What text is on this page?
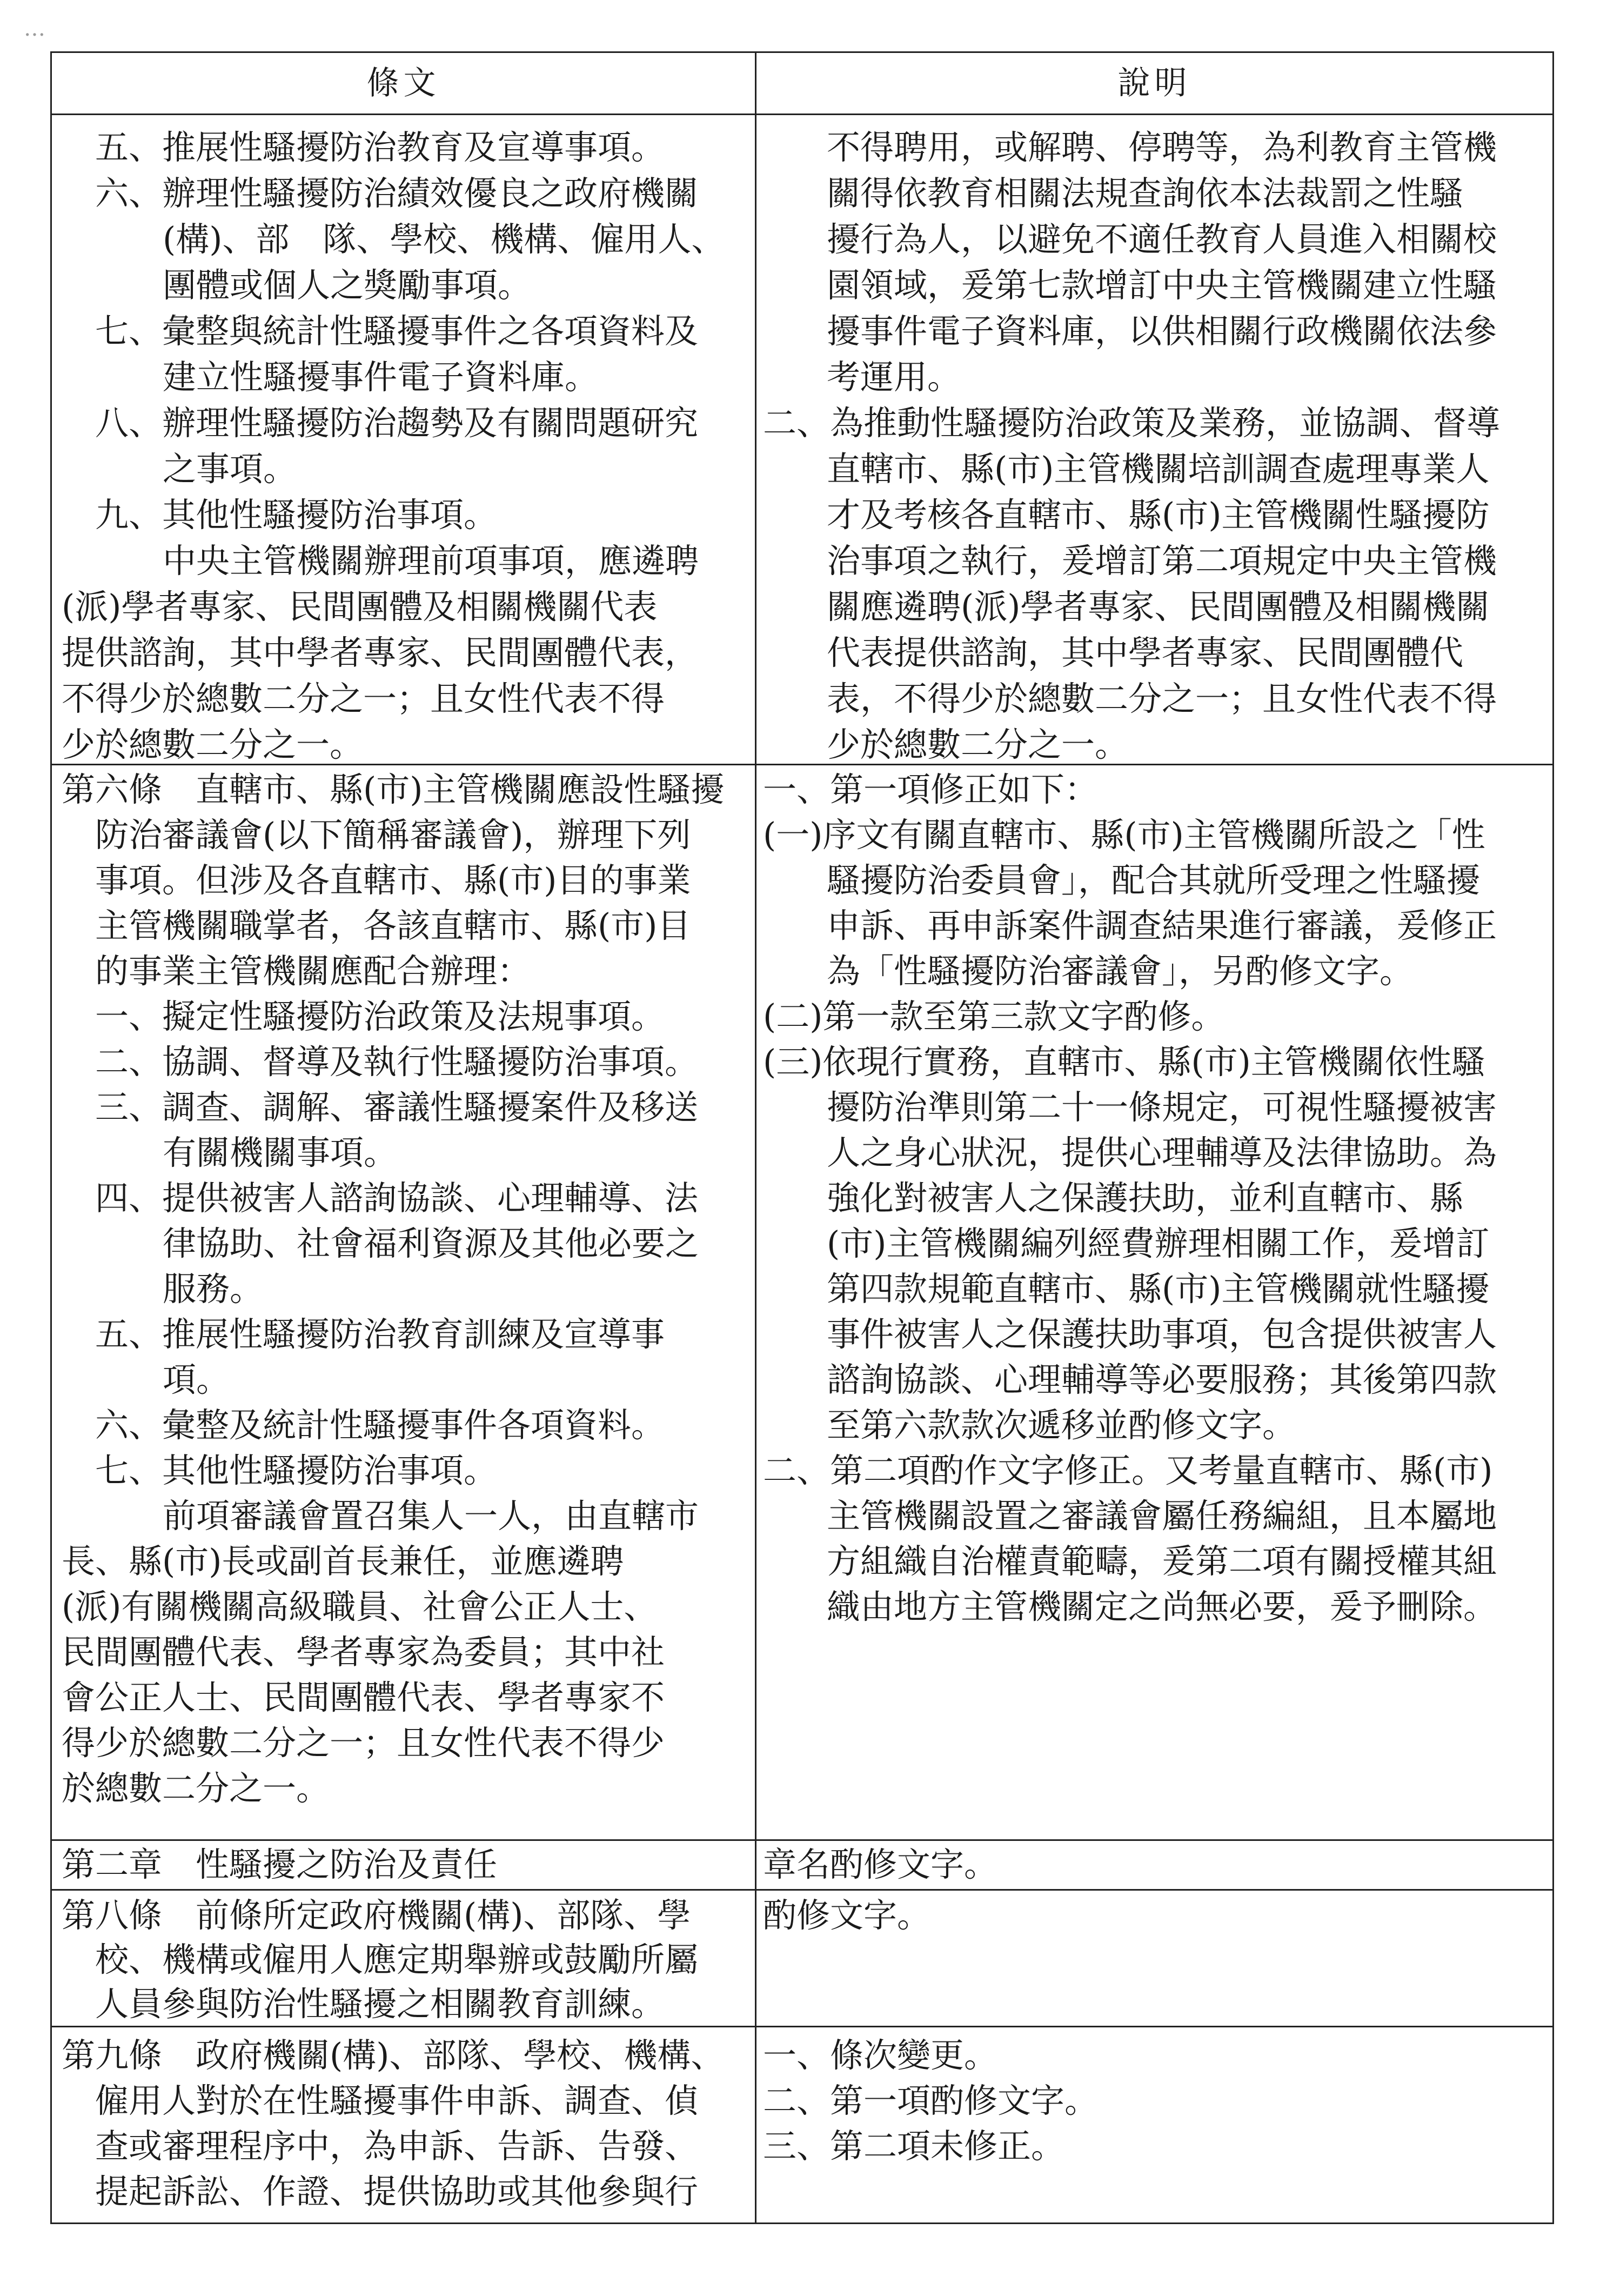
…
條文	說明
五、推展性騷擾防治教育及宣導事項。
六、辦理性騷擾防治績效優良之政府機關
(構)、部　隊、學校、機構、僱用人、
團體或個人之獎勵事項。
七、彙整與統計性騷擾事件之各項資料及
建立性騷擾事件電子資料庫。
八、辦理性騷擾防治趨勢及有關問題研究
之事項。
九、其他性騷擾防治事項。
中央主管機關辦理前項事項，應遴聘
(派)學者專家、民間團體及相關機關代表
提供諮詢，其中學者專家、民間團體代表，
不得少於總數二分之一；且女性代表不得
少於總數二分之一。
不得聘用，或解聘、停聘等，為利教育主管機
關得依教育相關法規查詢依本法裁罰之性騷
擾行為人，以避免不適任教育人員進入相關校
園領域，爰第七款增訂中央主管機關建立性騷
擾事件電子資料庫，以供相關行政機關依法參
考運用。
二、為推動性騷擾防治政策及業務，並協調、督導
直轄市、縣(市)主管機關培訓調查處理專業人
才及考核各直轄市、縣(市)主管機關性騷擾防
治事項之執行，爰增訂第二項規定中央主管機
關應遴聘(派)學者專家、民間團體及相關機關
代表提供諮詢，其中學者專家、民間團體代
表，不得少於總數二分之一；且女性代表不得
少於總數二分之一。
第六條　直轄市、縣(市)主管機關應設性騷擾
防治審議會(以下簡稱審議會)，辦理下列
事項。但涉及各直轄市、縣(市)目的事業
主管機關職掌者，各該直轄市、縣(市)目
的事業主管機關應配合辦理：
一、擬定性騷擾防治政策及法規事項。
二、協調、督導及執行性騷擾防治事項。
三、調查、調解、審議性騷擾案件及移送
有關機關事項。
四、提供被害人諮詢協談、心理輔導、法
律協助、社會福利資源及其他必要之
服務。
五、推展性騷擾防治教育訓練及宣導事
項。
六、彙整及統計性騷擾事件各項資料。
七、其他性騷擾防治事項。
前項審議會置召集人一人，由直轄市
長、縣(市)長或副首長兼任，並應遴聘
(派)有關機關高級職員、社會公正人士、
民間團體代表、學者專家為委員；其中社
會公正人士、民間團體代表、學者專家不
得少於總數二分之一；且女性代表不得少
於總數二分之一。
一、第一項修正如下：
(一)序文有關直轄市、縣(市)主管機關所設之「性
騷擾防治委員會」，配合其就所受理之性騷擾
申訴、再申訴案件調查結果進行審議，爰修正
為「性騷擾防治審議會」，另酌修文字。
(二)第一款至第三款文字酌修。
(三)依現行實務，直轄市、縣(市)主管機關依性騷
擾防治準則第二十一條規定，可視性騷擾被害
人之身心狀況，提供心理輔導及法律協助。為
強化對被害人之保護扶助，並利直轄市、縣
(市)主管機關編列經費辦理相關工作，爰增訂
第四款規範直轄市、縣(市)主管機關就性騷擾
事件被害人之保護扶助事項，包含提供被害人
諮詢協談、心理輔導等必要服務；其後第四款
至第六款款次遞移並酌修文字。
二、第二項酌作文字修正。又考量直轄市、縣(市)
主管機關設置之審議會屬任務編組，且本屬地
方組織自治權責範疇，爰第二項有關授權其組
織由地方主管機關定之尚無必要，爰予刪除。
第二章　性騷擾之防治及責任	章名酌修文字。
第八條　前條所定政府機關(構)、部隊、學
校、機構或僱用人應定期舉辦或鼓勵所屬
人員參與防治性騷擾之相關教育訓練。
酌修文字。
第九條　政府機關(構)、部隊、學校、機構、
僱用人對於在性騷擾事件申訴、調查、偵
查或審理程序中，為申訴、告訴、告發、
提起訴訟、作證、提供協助或其他參與行
一、條次變更。
二、第一項酌修文字。
三、第二項未修正。
